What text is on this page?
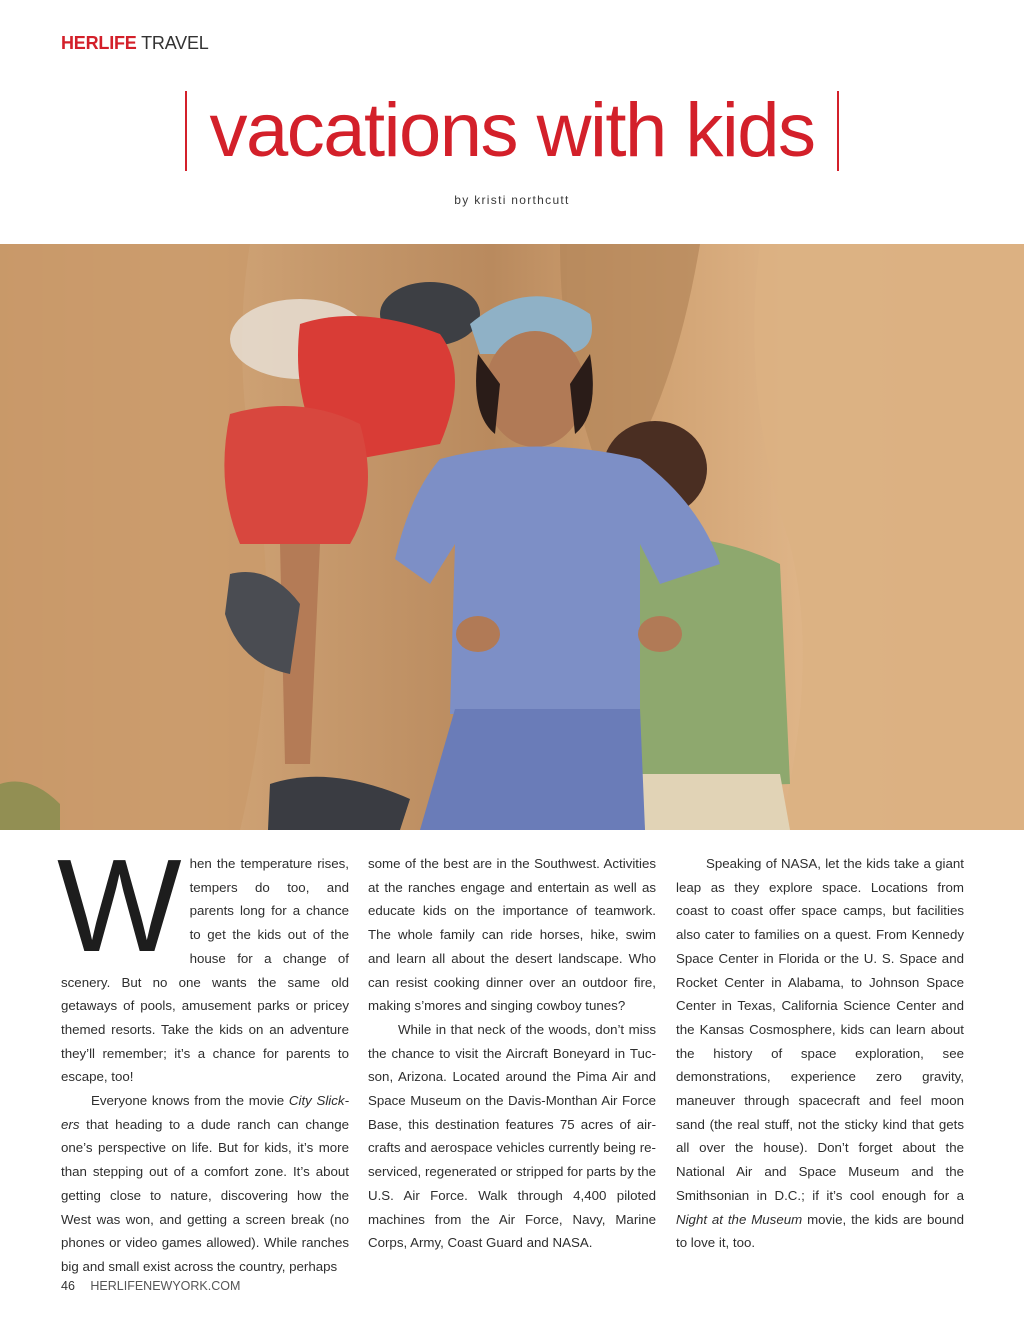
HERLIFE TRAVEL
vacations with kids
by kristi northcutt
W hen the temperature rises, tempers do too, and parents long for a chance to get the kids out of the house for a change of scenery. But no one wants the same old getaways of pools, amusement parks or pricey themed resorts. Take the kids on an adventure they’ll remember; it’s a chance for parents to escape, too!

Everyone knows from the movie City Slickers that heading to a dude ranch can change one’s perspective on life. But for kids, it’s more than stepping out of a comfort zone. It’s about getting close to nature, discovering how the West was won, and getting a screen break (no phones or video games allowed). While ranches big and small exist across the country, perhaps

some of the best are in the Southwest. Activities at the ranches engage and entertain as well as educate kids on the importance of teamwork. The whole family can ride horses, hike, swim and learn all about the desert landscape. Who can resist cooking dinner over an outdoor fire, making s’mores and singing cowboy tunes?

While in that neck of the woods, don’t miss the chance to visit the Aircraft Boneyard in Tucson, Arizona. Located around the Pima Air and Space Museum on the Davis-Monthan Air Force Base, this destination features 75 acres of aircrafts and aerospace vehicles currently being re-serviced, regenerated or stripped for parts by the U.S. Air Force. Walk through 4,400 piloted machines from the Air Force, Navy, Marine Corps, Army, Coast Guard and NASA.

Speaking of NASA, let the kids take a giant leap as they explore space. Locations from coast to coast offer space camps, but facilities also cater to families on a quest. From Kennedy Space Center in Florida or the U. S. Space and Rocket Center in Alabama, to Johnson Space Center in Texas, California Science Center and the Kansas Cosmosphere, kids can learn about the history of space exploration, see demonstrations, experience zero gravity, maneuver through spacecraft and feel moon sand (the real stuff, not the sticky kind that gets all over the house). Don’t forget about the National Air and Space Museum and the Smithsonian in D.C.; if it’s cool enough for a Night at the Museum movie, the kids are bound to love it, too.

46 HERLIFENEWYORK.COM
